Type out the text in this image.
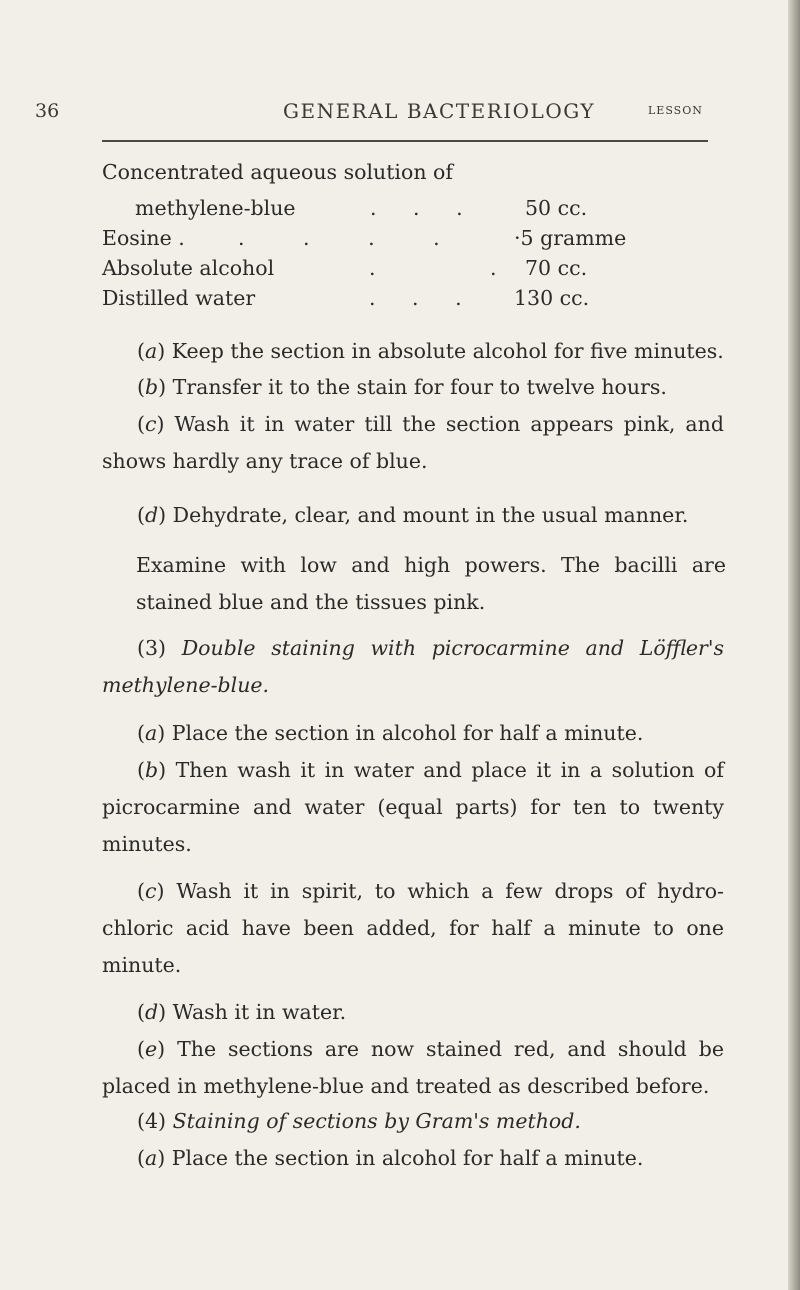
36	GENERAL BACTERIOLOGY	LESSON
Concentrated aqueous solution of
methylene-blue	. . .	50 cc.
Eosine .	. . . .	·5 gramme
Absolute alcohol	. . 70 cc.
Distilled water	. . .	130 cc.
(a) Keep the section in absolute alcohol for five minutes.
(b) Transfer it to the stain for four to twelve hours.
(c) Wash it in water till the section appears pink, and shows hardly any trace of blue.
(d) Dehydrate, clear, and mount in the usual manner.
Examine with low and high powers. The bacilli are stained blue and the tissues pink.
(3) Double staining with picrocarmine and Löffler's methylene-blue.
(a) Place the section in alcohol for half a minute.
(b) Then wash it in water and place it in a solution of picrocarmine and water (equal parts) for ten to twenty minutes.
(c) Wash it in spirit, to which a few drops of hydro-chloric acid have been added, for half a minute to one minute.
(d) Wash it in water.
(e) The sections are now stained red, and should be placed in methylene-blue and treated as described before.
(4) Staining of sections by Gram's method.
(a) Place the section in alcohol for half a minute.
